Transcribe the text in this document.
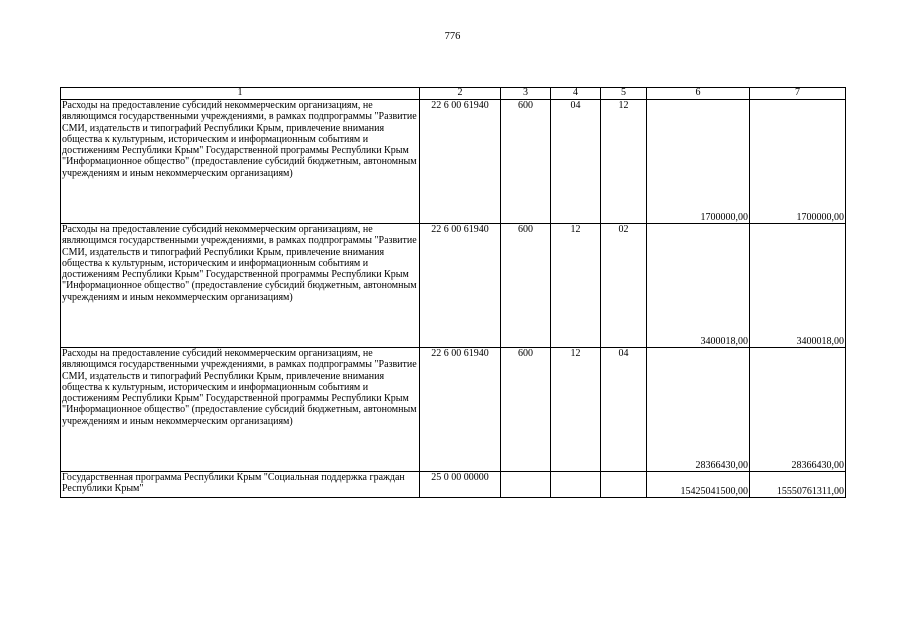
776
1	2	3	4	5	6	7
Расходы на предоставление субсидий некоммерческим организациям, не являющимся государственными учреждениями, в рамках подпрограммы "Развитие СМИ, издательств и типографий Республики Крым, привлечение внимания общества к культурным, историческим и информационным событиям и достижениям Республики Крым" Государственной программы Республики Крым "Информационное общество" (предоставление субсидий бюджетным, автономным учреждениям и иным некоммерческим организациям)	22 6 00 61940	600	04	12	1700000,00	1700000,00
Расходы на предоставление субсидий некоммерческим организациям, не являющимся государственными учреждениями, в рамках подпрограммы "Развитие СМИ, издательств и типографий Республики Крым, привлечение внимания общества к культурным, историческим и информационным событиям и достижениям Республики Крым" Государственной программы Республики Крым "Информационное общество" (предоставление субсидий бюджетным, автономным учреждениям и иным некоммерческим организациям)	22 6 00 61940	600	12	02	3400018,00	3400018,00
Расходы на предоставление субсидий некоммерческим организациям, не являющимся государственными учреждениями, в рамках подпрограммы "Развитие СМИ, издательств и типографий Республики Крым, привлечение внимания общества к культурным, историческим и информационным событиям и достижениям Республики Крым" Государственной программы Республики Крым "Информационное общество" (предоставление субсидий бюджетным, автономным учреждениям и иным некоммерческим организациям)	22 6 00 61940	600	12	04	28366430,00	28366430,00
Государственная программа Республики Крым "Социальная поддержка граждан Республики Крым"	25 0 00 00000				15425041500,00	15550761311,00
